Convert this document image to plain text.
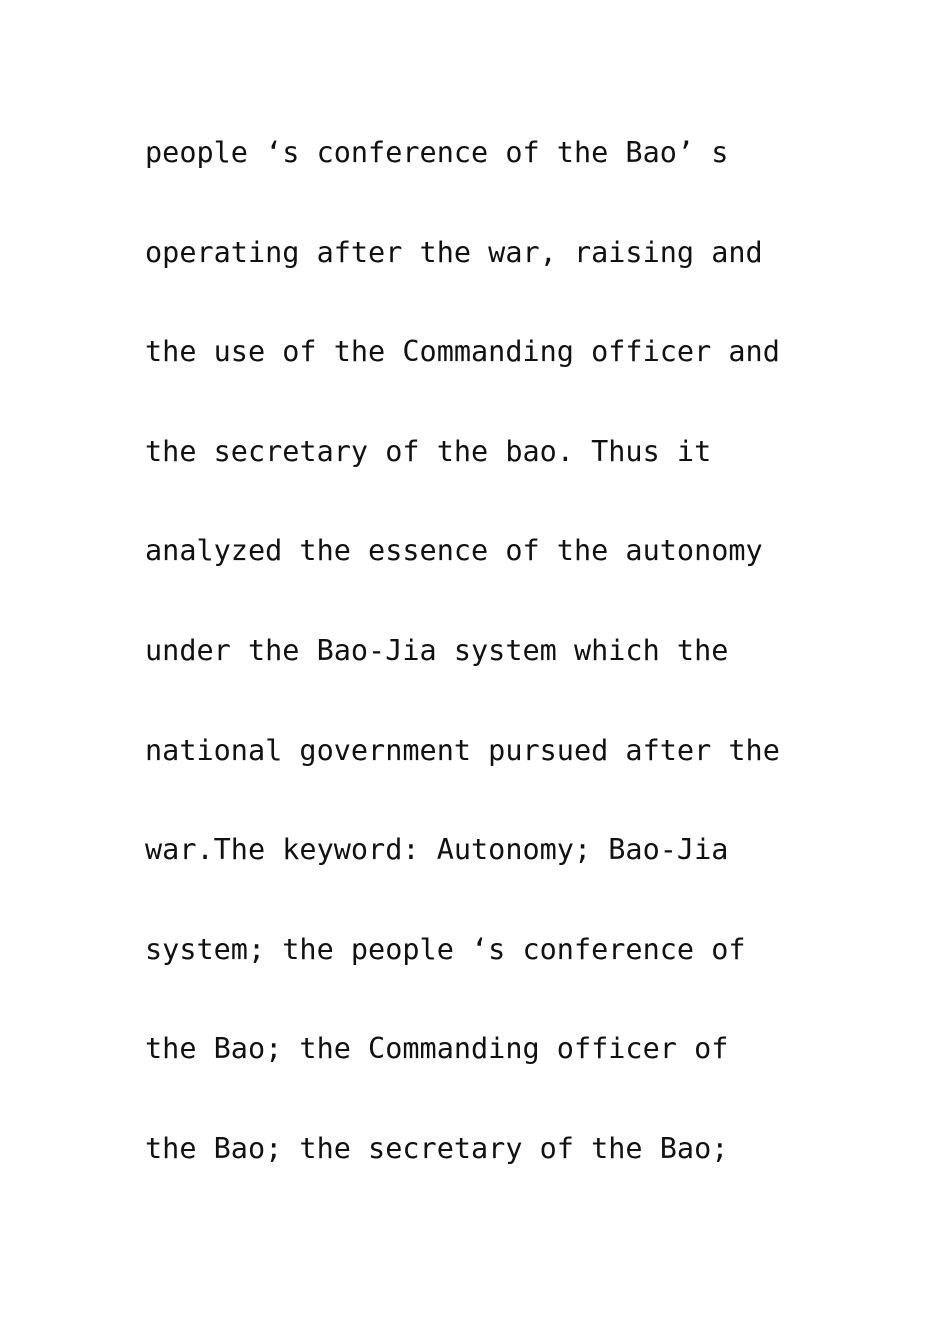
people ‘s conference of the Bao’ s
operating after the war, raising and
the use of the Commanding officer and
the secretary of the bao. Thus it
analyzed the essence of the autonomy
under the Bao-Jia system which the
national government pursued after the
war.The keyword: Autonomy; Bao-Jia
system; the people ‘s conference of
the Bao; the Commanding officer of
the Bao; the secretary of the Bao;
